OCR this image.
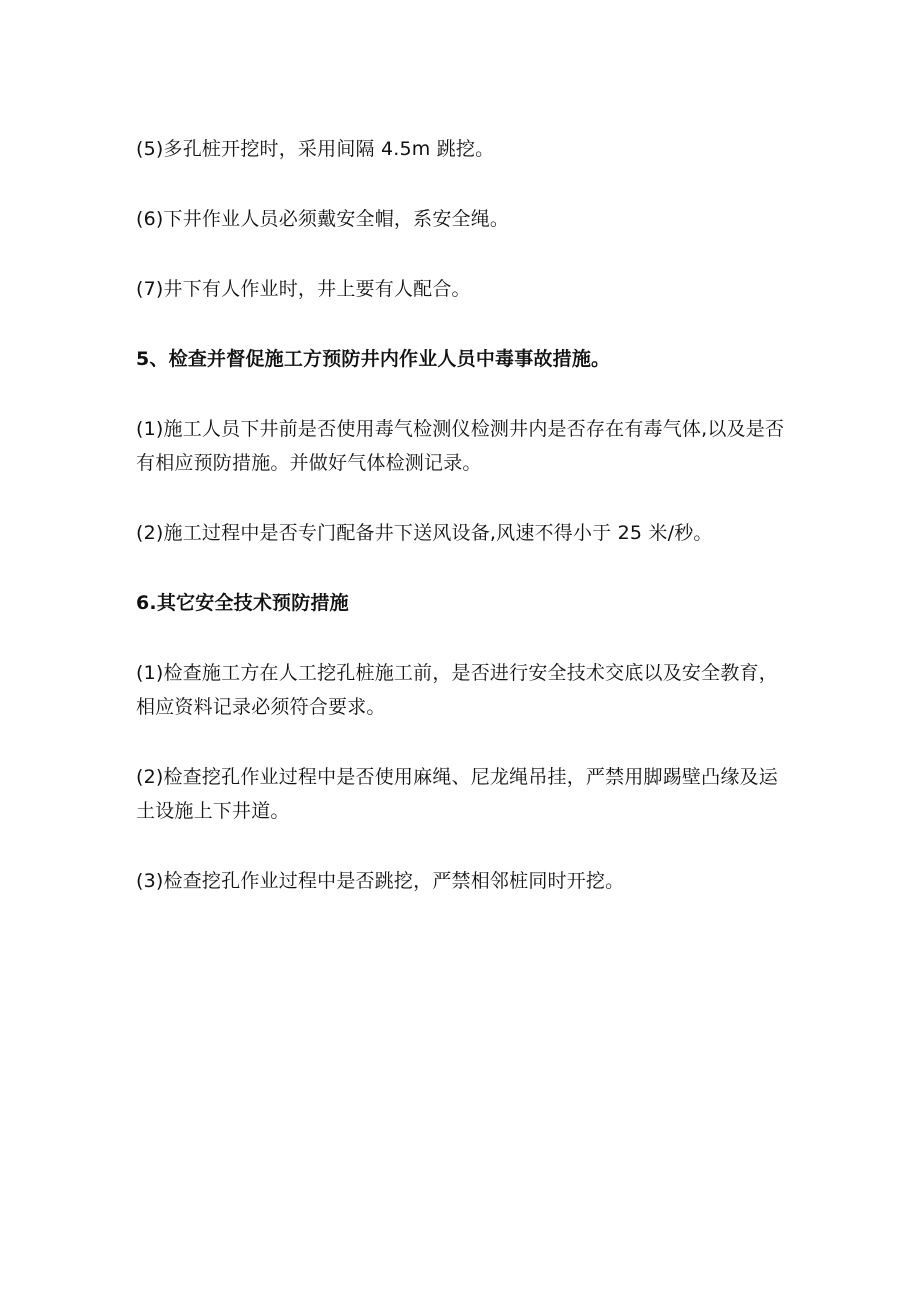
(5)多孔桩开挖时，采用间隔 4.5m 跳挖。

(6)下井作业人员必须戴安全帽，系安全绳。

(7)井下有人作业时，井上要有人配合。

5、检查并督促施工方预防井内作业人员中毒事故措施。

(1)施工人员下井前是否使用毒气检测仪检测井内是否存在有毒气体,以及是否有相应预防措施。并做好气体检测记录。

(2)施工过程中是否专门配备井下送风设备,风速不得小于 25 米/秒。

6.其它安全技术预防措施

(1)检查施工方在人工挖孔桩施工前，是否进行安全技术交底以及安全教育，相应资料记录必须符合要求。

(2)检查挖孔作业过程中是否使用麻绳、尼龙绳吊挂，严禁用脚踢壁凸缘及运土设施上下井道。

(3)检查挖孔作业过程中是否跳挖，严禁相邻桩同时开挖。
